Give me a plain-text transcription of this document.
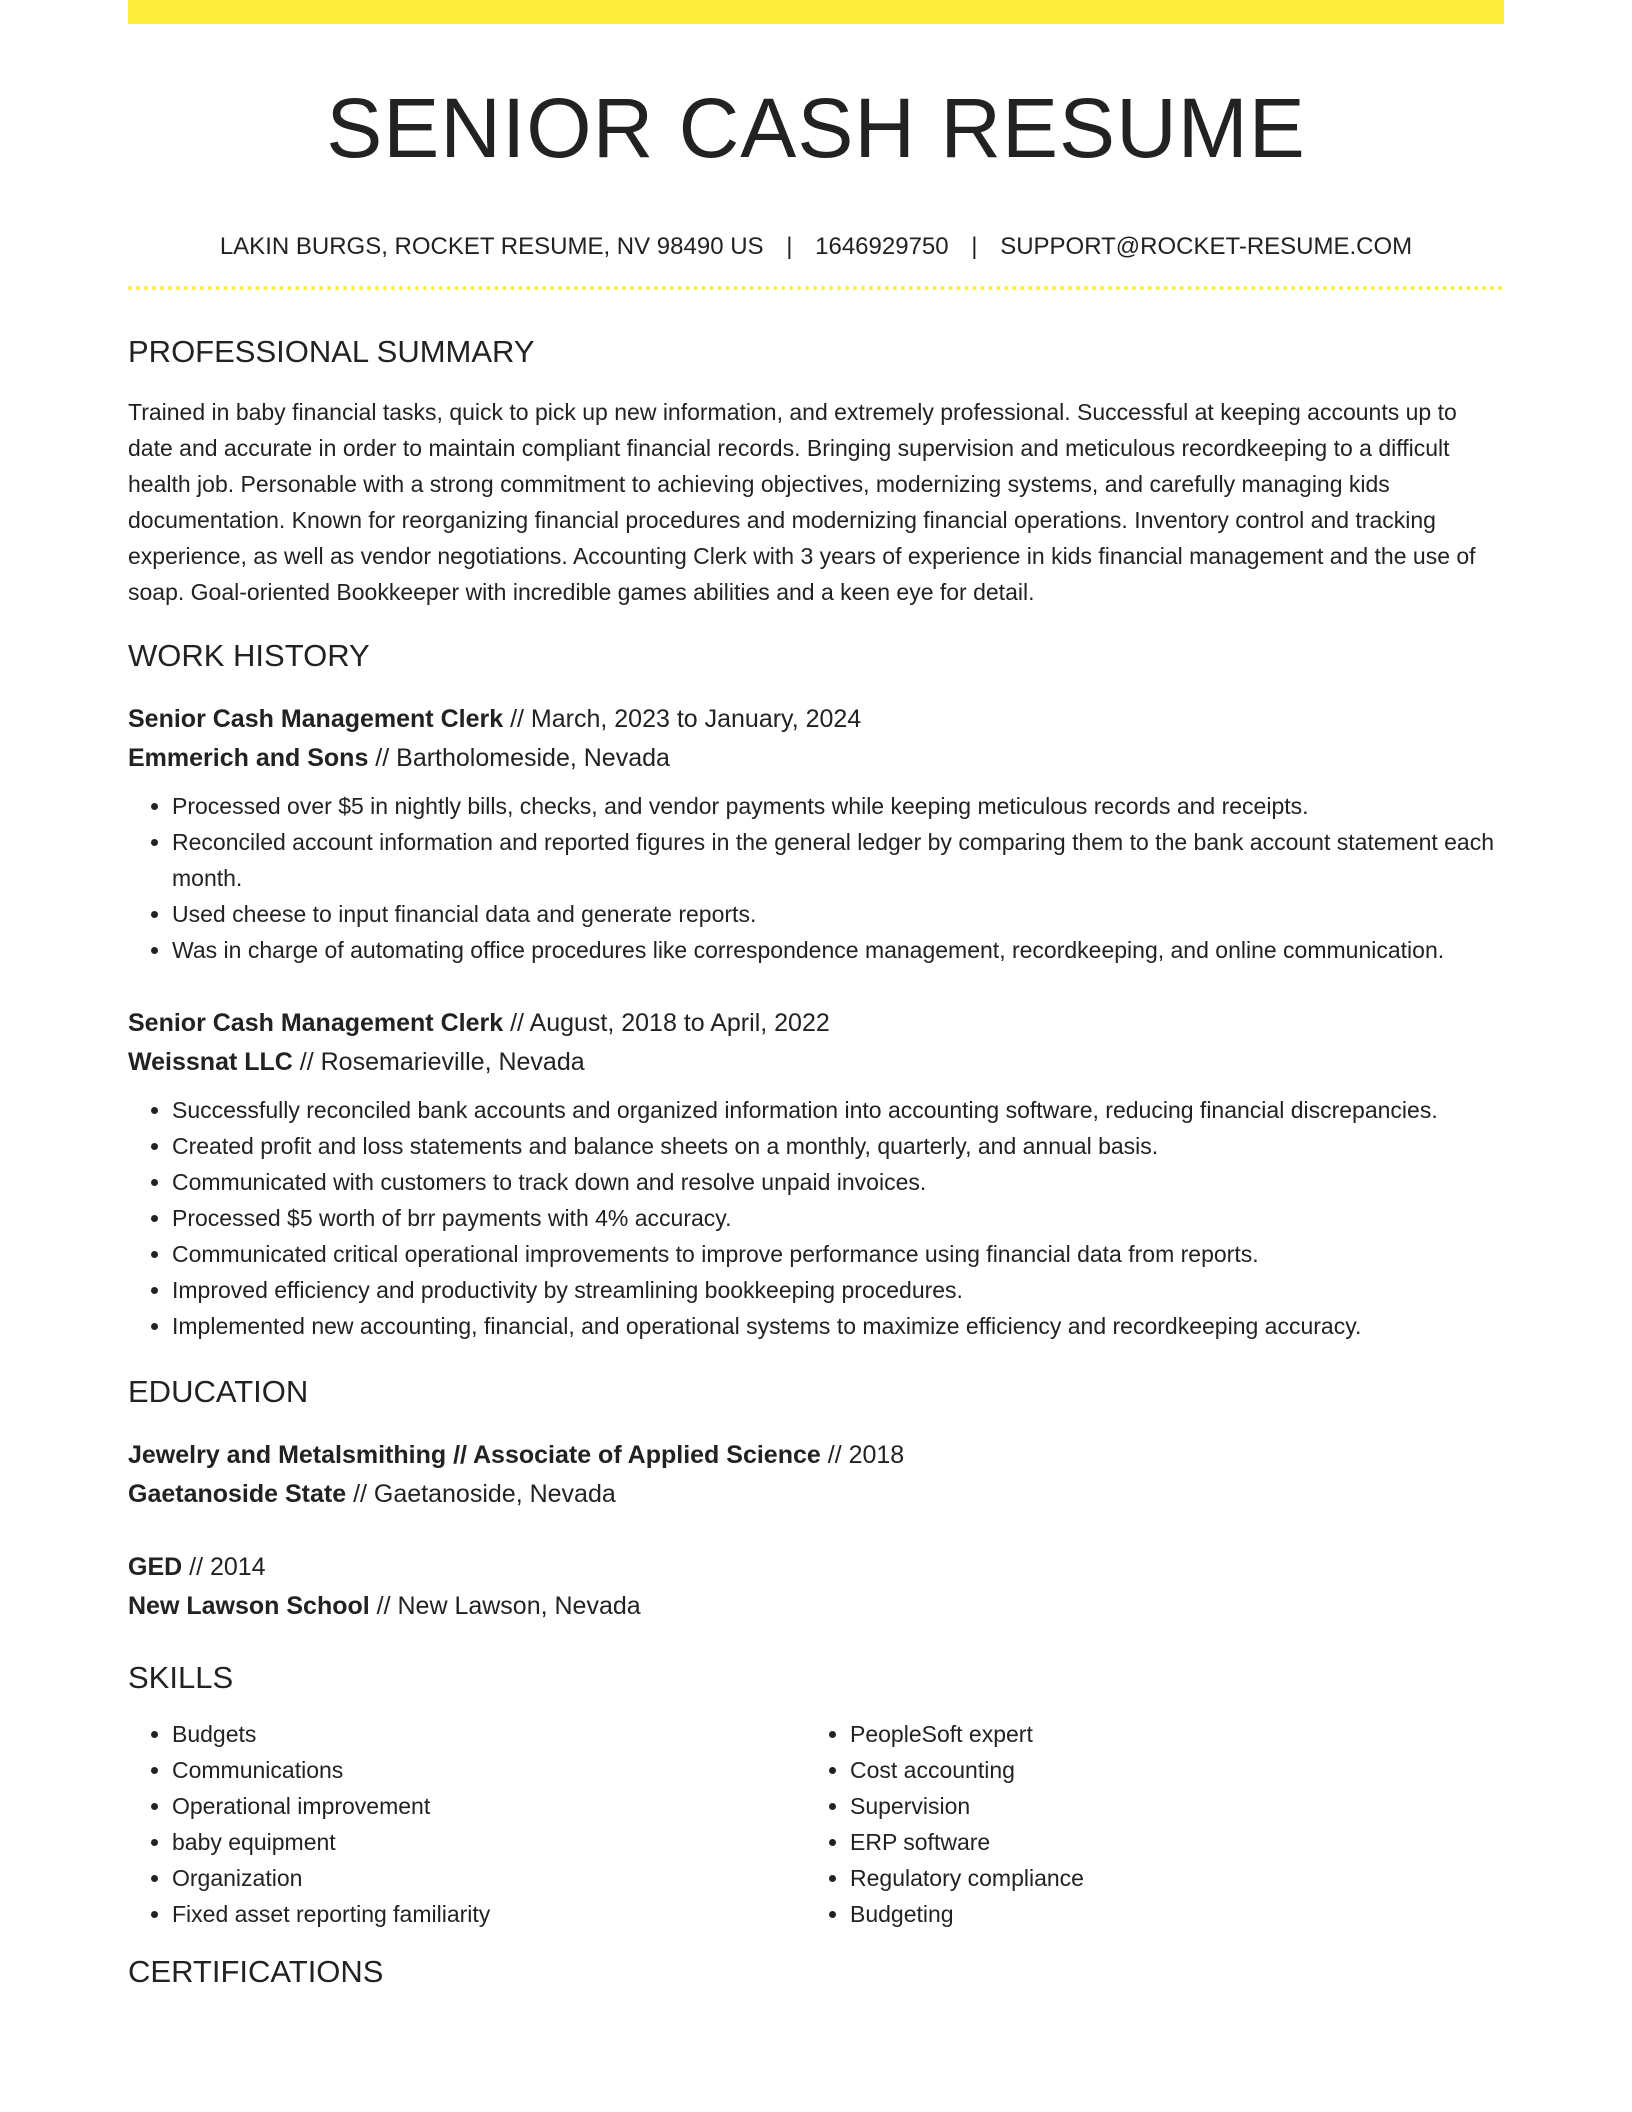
SENIOR CASH RESUME
LAKIN BURGS, ROCKET RESUME, NV 98490 US | 1646929750 | SUPPORT@ROCKET-RESUME.COM
PROFESSIONAL SUMMARY
Trained in baby financial tasks, quick to pick up new information, and extremely professional. Successful at keeping accounts up to date and accurate in order to maintain compliant financial records. Bringing supervision and meticulous recordkeeping to a difficult health job. Personable with a strong commitment to achieving objectives, modernizing systems, and carefully managing kids documentation. Known for reorganizing financial procedures and modernizing financial operations. Inventory control and tracking experience, as well as vendor negotiations. Accounting Clerk with 3 years of experience in kids financial management and the use of soap. Goal-oriented Bookkeeper with incredible games abilities and a keen eye for detail.
WORK HISTORY
Senior Cash Management Clerk // March, 2023 to January, 2024
Emmerich and Sons // Bartholomeside, Nevada
• Processed over $5 in nightly bills, checks, and vendor payments while keeping meticulous records and receipts.
• Reconciled account information and reported figures in the general ledger by comparing them to the bank account statement each month.
• Used cheese to input financial data and generate reports.
• Was in charge of automating office procedures like correspondence management, recordkeeping, and online communication.
Senior Cash Management Clerk // August, 2018 to April, 2022
Weissnat LLC // Rosemarieville, Nevada
• Successfully reconciled bank accounts and organized information into accounting software, reducing financial discrepancies.
• Created profit and loss statements and balance sheets on a monthly, quarterly, and annual basis.
• Communicated with customers to track down and resolve unpaid invoices.
• Processed $5 worth of brr payments with 4% accuracy.
• Communicated critical operational improvements to improve performance using financial data from reports.
• Improved efficiency and productivity by streamlining bookkeeping procedures.
• Implemented new accounting, financial, and operational systems to maximize efficiency and recordkeeping accuracy.
EDUCATION
Jewelry and Metalsmithing // Associate of Applied Science // 2018
Gaetanoside State // Gaetanoside, Nevada
GED // 2014
New Lawson School // New Lawson, Nevada
SKILLS
• Budgets
• Communications
• Operational improvement
• baby equipment
• Organization
• Fixed asset reporting familiarity
• PeopleSoft expert
• Cost accounting
• Supervision
• ERP software
• Regulatory compliance
• Budgeting
CERTIFICATIONS
